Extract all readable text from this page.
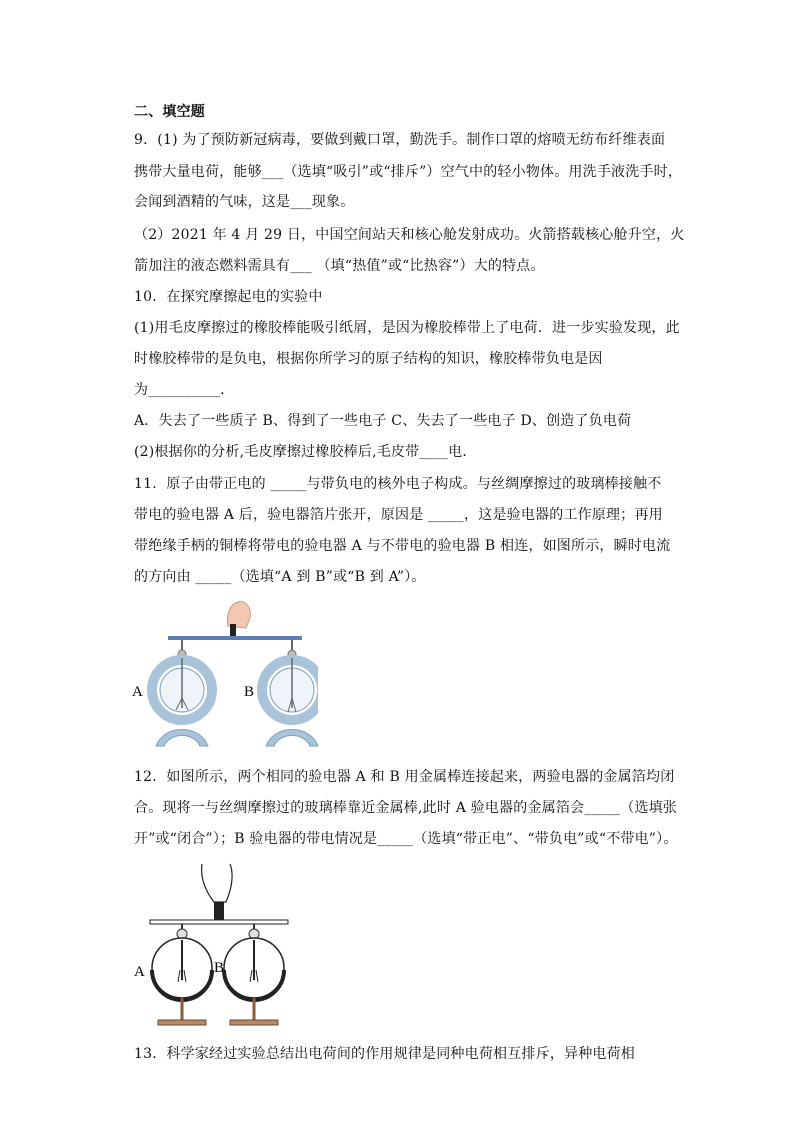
二、填空题
9．(1) 为了预防新冠病毒，要做到戴口罩，勤洗手。制作口罩的熔喷无纺布纤维表面
携带大量电荷，能够___（选填“吸引”或“排斥”）空气中的轻小物体。用洗手液洗手时，
会闻到酒精的气味，这是___现象。
（2）2021 年 4 月 29 日，中国空间站天和核心舱发射成功。火箭搭载核心舱升空，火
箭加注的液态燃料需具有___ （填“热值”或“比热容”）大的特点。
10．在探究摩擦起电的实验中
(1)用毛皮摩擦过的橡胶棒能吸引纸屑，是因为橡胶棒带上了电荷．进一步实验发现，此
时橡胶棒带的是负电，根据你所学习的原子结构的知识，橡胶棒带负电是因
为__________．
A．失去了一些质子 B、得到了一些电子 C、失去了一些电子 D、创造了负电荷
(2)根据你的分析,毛皮摩擦过橡胶棒后,毛皮带____电．
11．原子由带正电的 _____与带负电的核外电子构成。与丝绸摩擦过的玻璃棒接触不
带电的验电器 A 后，验电器箔片张开，原因是 _____，这是验电器的工作原理；再用
带绝缘手柄的铜棒将带电的验电器 A 与不带电的验电器 B 相连，如图所示，瞬时电流
的方向由 _____（选填“A 到 B”或“B 到 A”）。
12．如图所示，两个相同的验电器 A 和 B 用金属棒连接起来，两验电器的金属箔均闭
合。现将一与丝绸摩擦过的玻璃棒靠近金属棒,此时 A 验电器的金属箔会_____（选填张
开”或“闭合”）；B 验电器的带电情况是_____（选填“带正电”、“带负电”或“不带电”）。
13．科学家经过实验总结出电荷间的作用规律是同种电荷相互排斥，异种电荷相
A	B
A	B
